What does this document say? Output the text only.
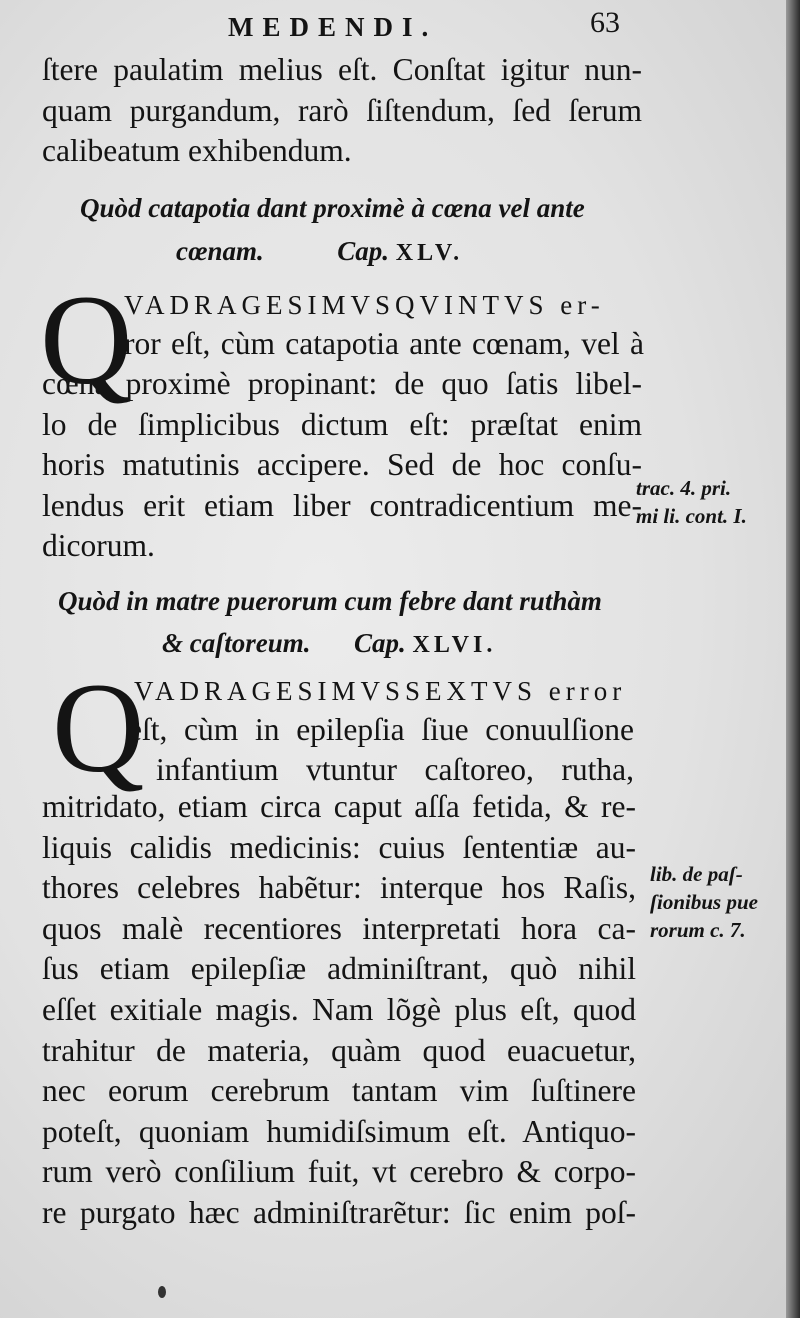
MEDENDI.	63
ſtere paulatim melius eſt. Conſtat igitur nun-
quam purgandum, rarò ſiſtendum, ſed ſerum
calibeatum exhibendum.
Quòd catapotia dant proximè à cœna vel ante
cœnam.	Cap. XLV.
Q
VADRAGESIMVSQVINTVS er-
ror eſt, cùm catapotia ante cœnam, vel à
cœna proximè propinant: de quo ſatis libel-
lo de ſimplicibus dictum eſt: præſtat enim
horis matutinis accipere. Sed de hoc conſu-
lendus erit etiam liber contradicentium me-
dicorum.
trac. 4. pri.
mi li. cont. I.
Quòd in matre puerorum cum febre dant ruthàm
& caſtoreum. Cap. XLVI.
Q
VADRAGESIMVSSEXTVS error
eſt, cùm in epilepſia ſiue conuulſione
infantium vtuntur caſtoreo, rutha,
mitridato, etiam circa caput aſſa fetida, & re-
liquis calidis medicinis: cuius ſententiæ au-
thores celebres habẽtur: interque hos Raſis,
quos malè recentiores interpretati hora ca-
ſus etiam epilepſiæ adminiſtrant, quò nihil
eſſet exitiale magis. Nam lõgè plus eſt, quod
trahitur de materia, quàm quod euacuetur,
nec eorum cerebrum tantam vim ſuſtinere
poteſt, quoniam humidiſsimum eſt. Antiquo-
rum verò conſilium fuit, vt cerebro & corpo-
re purgato hæc adminiſtrarẽtur: ſic enim poſ-
lib. de paſ-
ſionibus pue
rorum c. 7.
